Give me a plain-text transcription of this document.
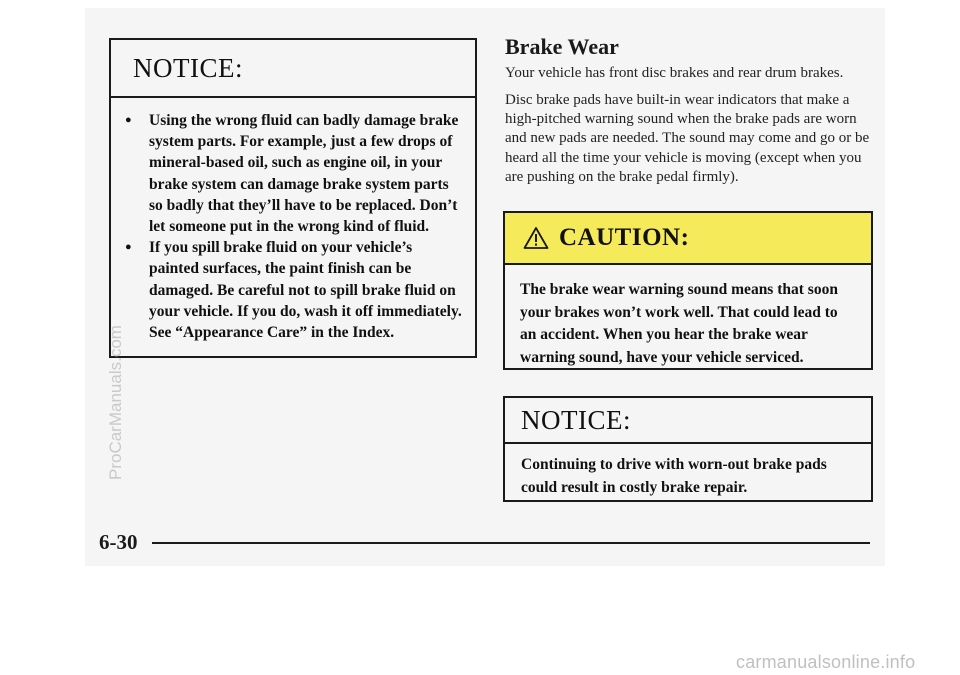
NOTICE:
● Using the wrong fluid can badly damage brake system parts. For example, just a few drops of mineral-based oil, such as engine oil, in your brake system can damage brake system parts so badly that they’ll have to be replaced. Don’t let someone put in the wrong kind of fluid.
● If you spill brake fluid on your vehicle’s painted surfaces, the paint finish can be damaged. Be careful not to spill brake fluid on your vehicle. If you do, wash it off immediately. See “Appearance Care” in the Index.
Brake Wear

Your vehicle has front disc brakes and rear drum brakes.

Disc brake pads have built-in wear indicators that make a high-pitched warning sound when the brake pads are worn and new pads are needed. The sound may come and go or be heard all the time your vehicle is moving (except when you are pushing on the brake pedal firmly).

CAUTION:
The brake wear warning sound means that soon your brakes won’t work well. That could lead to an accident. When you hear the brake wear warning sound, have your vehicle serviced.
NOTICE:
Continuing to drive with worn-out brake pads could result in costly brake repair.
6-30
ProCarManuals.com
carmanualsonline.info
